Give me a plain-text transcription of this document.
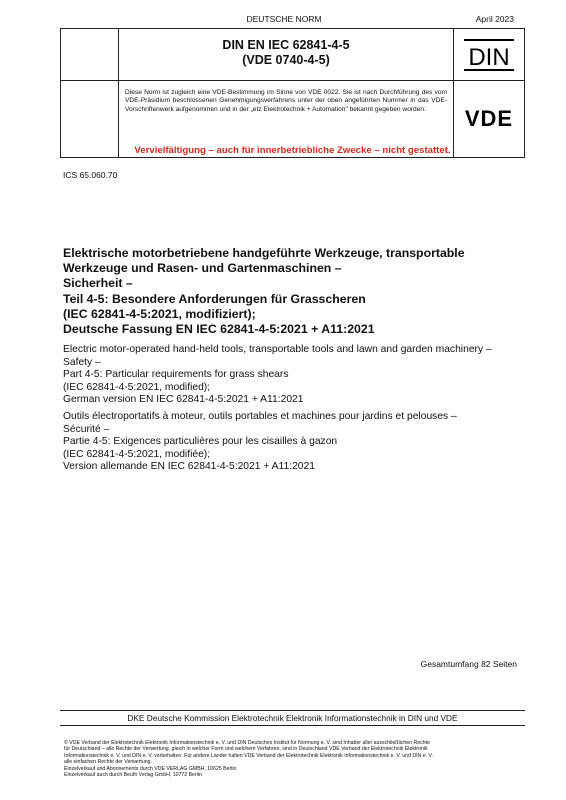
DEUTSCHE NORM	April 2023
DIN EN IEC 62841-4-5
(VDE 0740-4-5)	DIN
Diese Norm ist zugleich eine VDE-Bestimmung im Sinne von VDE 0022. Sie ist nach Durchführung des vom VDE-Präsidium beschlossenen Genehmigungsverfahrens unter der oben angeführten Nummer in das VDE-Vorschriftenwerk aufgenommen und in der „etz Elektrotechnik + Automation" bekannt gegeben worden.	VDE
Vervielfältigung – auch für innerbetriebliche Zwecke – nicht gestattet.
ICS 65.060.70
Elektrische motorbetriebene handgeführte Werkzeuge, transportable
Werkzeuge und Rasen- und Gartenmaschinen –
Sicherheit –
Teil 4-5: Besondere Anforderungen für Grasscheren
(IEC 62841-4-5:2021, modifiziert);
Deutsche Fassung EN IEC 62841-4-5:2021 + A11:2021
Electric motor-operated hand-held tools, transportable tools and lawn and garden machinery –
Safety –
Part 4-5: Particular requirements for grass shears
(IEC 62841-4-5:2021, modified);
German version EN IEC 62841-4-5:2021 + A11:2021
Outils électroportatifs à moteur, outils portables et machines pour jardins et pelouses –
Sécurité –
Partie 4-5: Exigences particulières pour les cisailles à gazon
(IEC 62841-4-5:2021, modifiée);
Version allemande EN IEC 62841-4-5:2021 + A11:2021
Gesamtumfang 82 Seiten
DKE Deutsche Kommission Elektrotechnik Elektronik Informationstechnik in DIN und VDE
© VDE Verband der Elektrotechnik Elektronik Informationstechnik e. V. und DIN Deutsches Institut für Normung e. V. sind Inhaber aller ausschließlichen Rechte
für Deutschland – alle Rechte der Verwertung, gleich in welcher Form und welchem Verfahren, sind in Deutschland VDE Verband der Elektrotechnik Elektronik
Informationstechnik e. V. und DIN e. V. vorbehalten. Für andere Länder halten VDE Verband der Elektrotechnik Elektronik Informationstechnik e. V. und DIN e. V.
alle einfachen Rechte der Verwertung.
Einzelverkauf und Abonnements durch VDE VERLAG GMBH, 10625 Berlin
Einzelverkauf auch durch Beuth Verlag GmbH, 10772 Berlin
